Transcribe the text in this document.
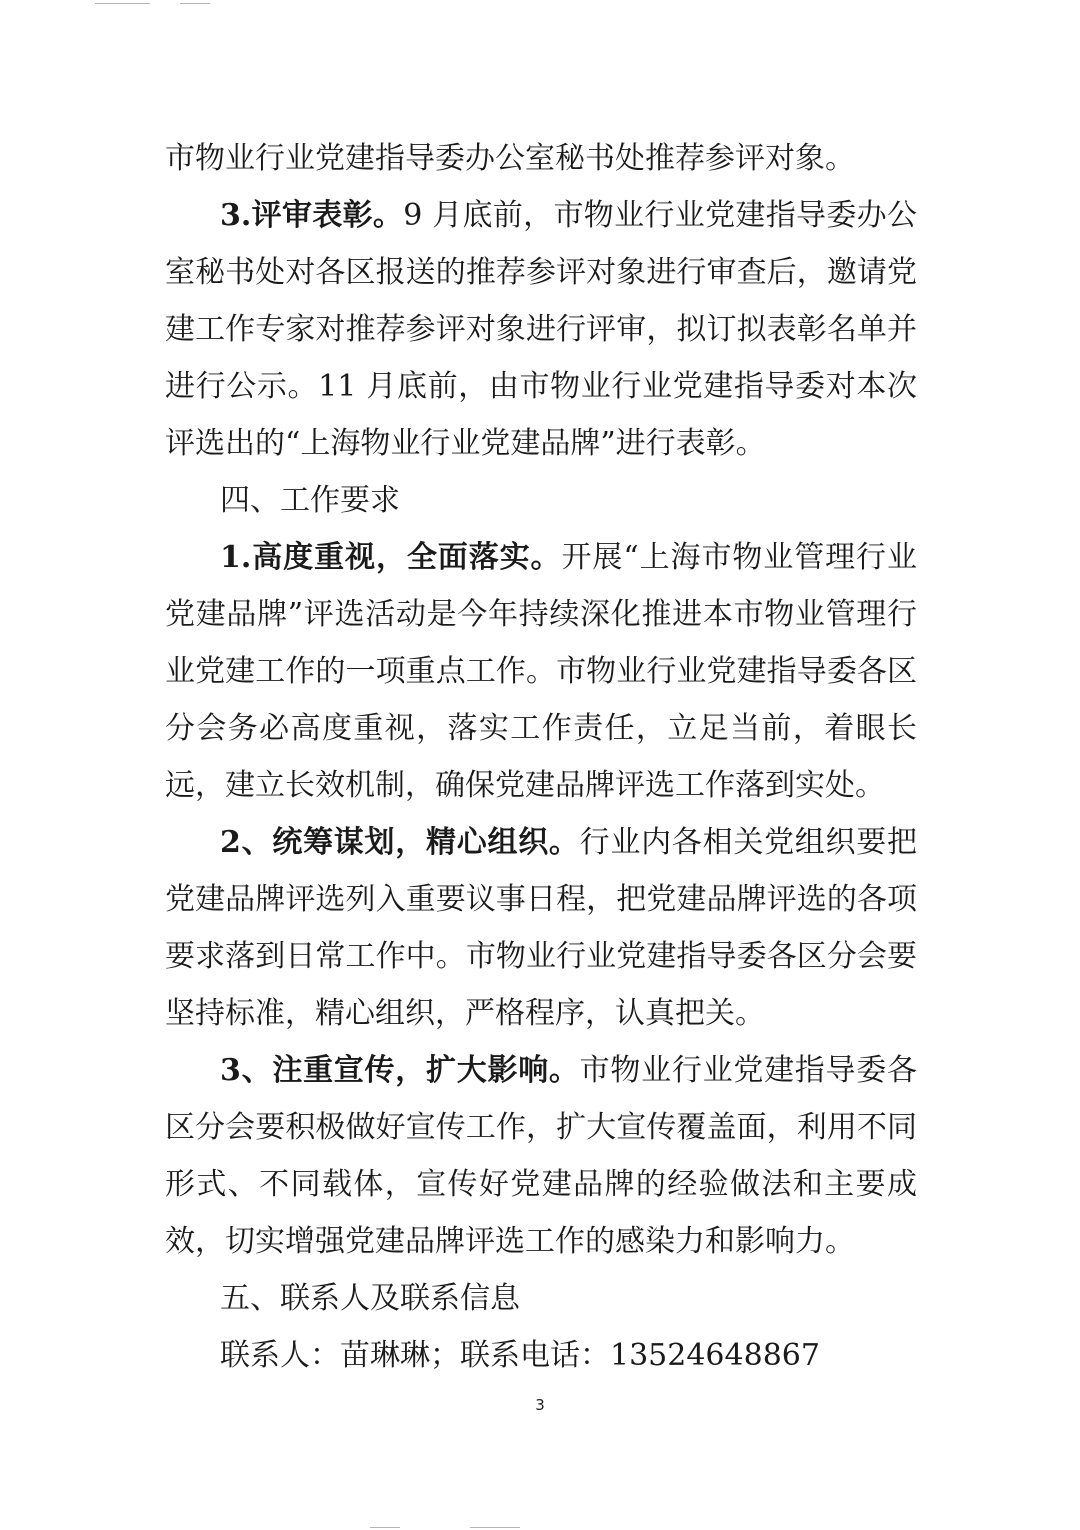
市物业行业党建指导委办公室秘书处推荐参评对象。

3.评审表彰。9 月底前，市物业行业党建指导委办公室秘书处对各区报送的推荐参评对象进行审查后，邀请党建工作专家对推荐参评对象进行评审，拟订拟表彰名单并进行公示。11 月底前，由市物业行业党建指导委对本次评选出的“上海物业行业党建品牌”进行表彰。

四、工作要求

1.高度重视，全面落实。开展“上海市物业管理行业党建品牌”评选活动是今年持续深化推进本市物业管理行业党建工作的一项重点工作。市物业行业党建指导委各区分会务必高度重视，落实工作责任，立足当前，着眼长远，建立长效机制，确保党建品牌评选工作落到实处。

2、统筹谋划，精心组织。行业内各相关党组织要把党建品牌评选列入重要议事日程，把党建品牌评选的各项要求落到日常工作中。市物业行业党建指导委各区分会要坚持标准，精心组织，严格程序，认真把关。

3、注重宣传，扩大影响。市物业行业党建指导委各区分会要积极做好宣传工作，扩大宣传覆盖面，利用不同形式、不同载体，宣传好党建品牌的经验做法和主要成效，切实增强党建品牌评选工作的感染力和影响力。

五、联系人及联系信息

联系人：苗琳琳；联系电话：13524648867

3
